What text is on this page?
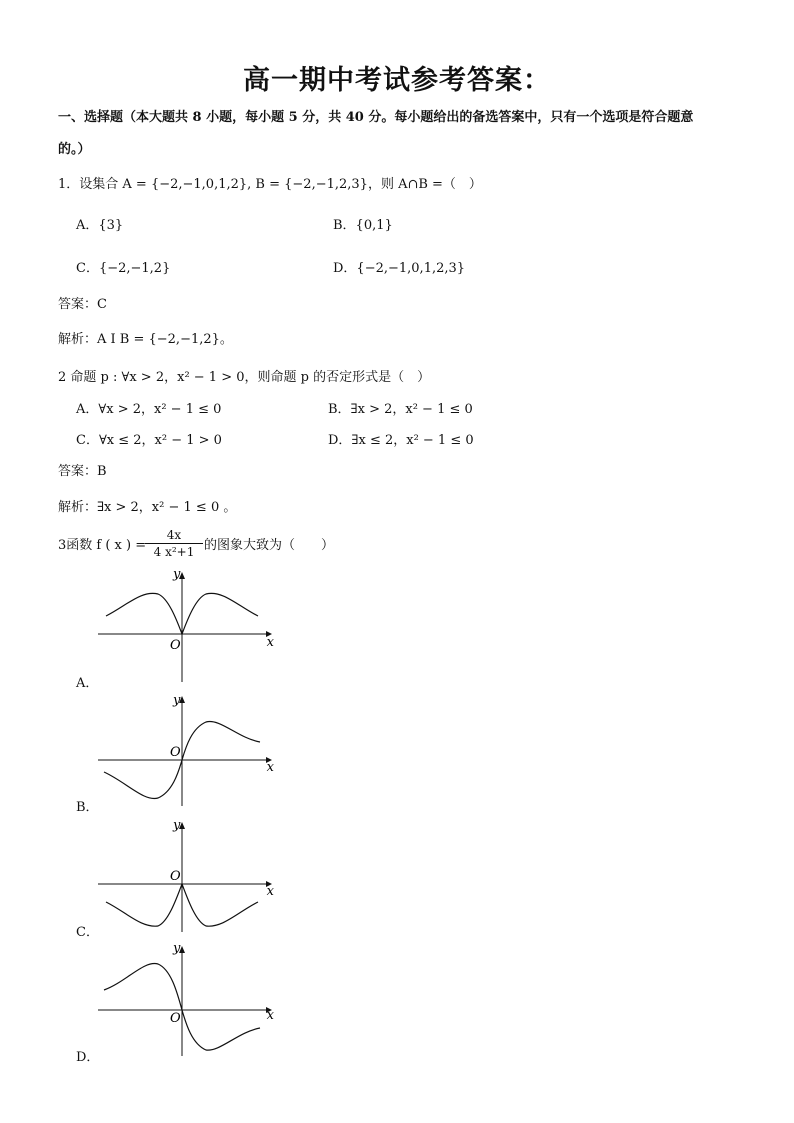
高一期中考试参考答案：
一、选择题（本大题共 8 小题，每小题 5 分，共 40 分。每小题给出的备选答案中，只有一个选项是符合题意
的。）
1．设集合 A = {−2,−1,0,1,2}, B = {−2,−1,2,3}，则 A∩B =（　）
A．{3}	B．{0,1}
C．{−2,−1,2}	D．{−2,−1,0,1,2,3}
答案：C
解析：A I B = {−2,−1,2}。
2 命题 p : ∀x > 2，x² − 1 > 0，则命题 p 的否定形式是（　）
A．∀x > 2，x² − 1 ≤ 0	B．∃x > 2，x² − 1 ≤ 0
C．∀x ≤ 2，x² − 1 > 0	D．∃x ≤ 2，x² − 1 ≤ 0
答案：B
解析：∃x > 2，x² − 1 ≤ 0 。
3函数 f ( x ) =
$\frac{4x}{\text{4 x²+1}}$ 的图象大致为（　　）
x
y
O
A．
x
y
O
B．
x
y
O
C．
x
y
O
D．
